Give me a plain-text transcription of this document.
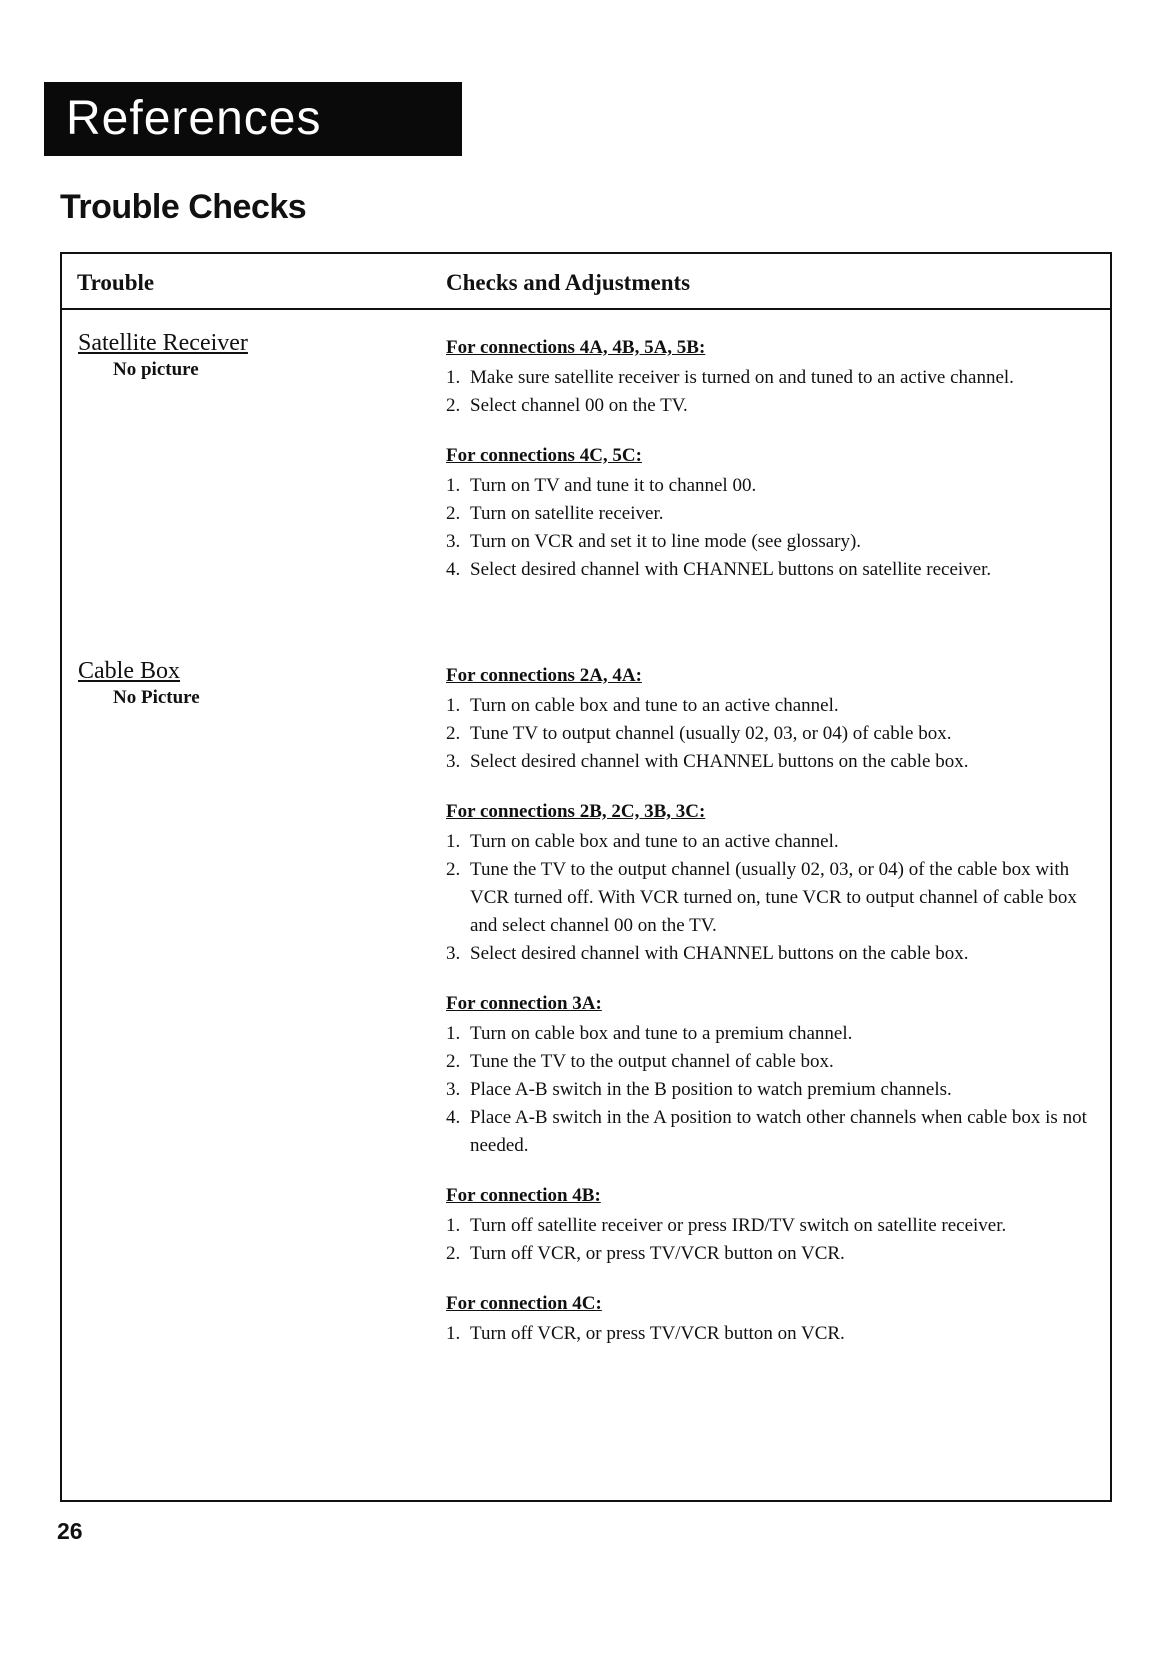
References
Trouble Checks
Trouble	Checks and Adjustments
Satellite Receiver
No picture
For connections 4A, 4B, 5A, 5B:
1. Make sure satellite receiver is turned on and tuned to an active channel.
2. Select channel 00 on the TV.
For connections 4C, 5C:
1. Turn on TV and tune it to channel 00.
2. Turn on satellite receiver.
3. Turn on VCR and set it to line mode (see glossary).
4. Select desired channel with CHANNEL buttons on satellite receiver.
Cable Box
No Picture
For connections 2A, 4A:
1. Turn on cable box and tune to an active channel.
2. Tune TV to output channel (usually 02, 03, or 04) of cable box.
3. Select desired channel with CHANNEL buttons on the cable box.
For connections 2B, 2C, 3B, 3C:
1. Turn on cable box and tune to an active channel.
2. Tune the TV to the output channel (usually 02, 03, or 04) of the cable box with VCR turned off. With VCR turned on, tune VCR to output channel of cable box and select channel 00 on the TV.
3. Select desired channel with CHANNEL buttons on the cable box.
For connection 3A:
1. Turn on cable box and tune to a premium channel.
2. Tune the TV to the output channel of cable box.
3. Place A-B switch in the B position to watch premium channels.
4. Place A-B switch in the A position to watch other channels when cable box is not needed.
For connection 4B:
1. Turn off satellite receiver or press IRD/TV switch on satellite receiver.
2. Turn off VCR, or press TV/VCR button on VCR.
For connection 4C:
1. Turn off VCR, or press TV/VCR button on VCR.
26
